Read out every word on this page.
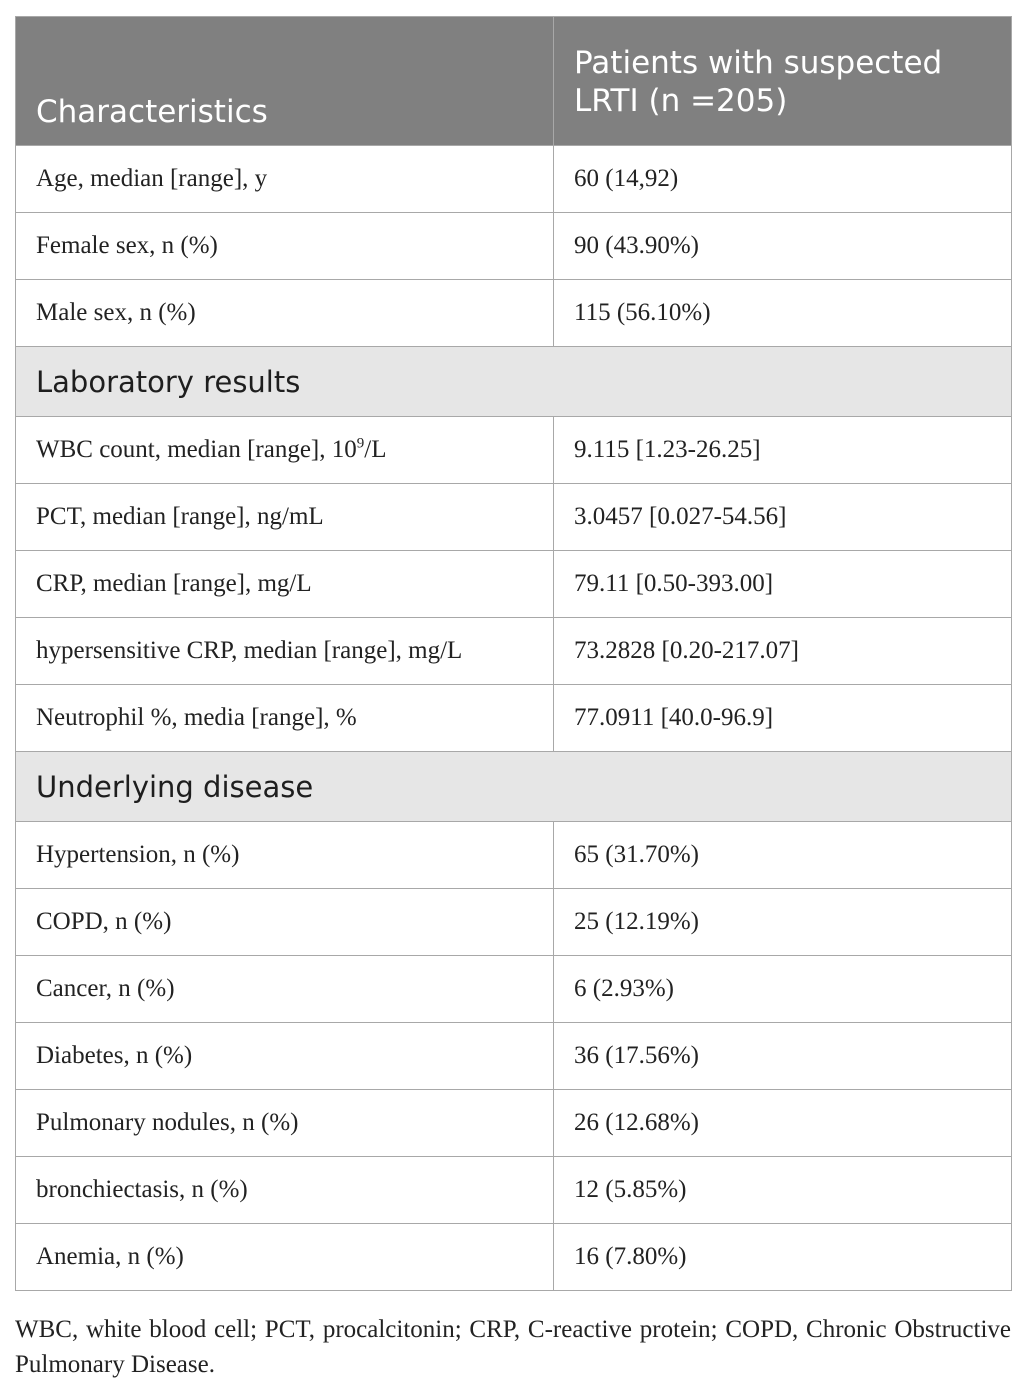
Characteristics	Patients with suspected
LRTI (n =205)
Age, median [range], y	60 (14,92)
Female sex, n (%)	90 (43.90%)
Male sex, n (%)	115 (56.10%)
Laboratory results	
WBC count, median [range], $10^9/L$	9.115 [1.23-26.25]
PCT, median [range], ng/mL	3.0457 [0.027-54.56]
CRP, median [range], mg/L	79.11 [0.50-393.00]
hypersensitive CRP, median [range], mg/L	73.2828 [0.20-217.07]
Neutrophil %, media [range], %	77.0911 [40.0-96.9]
Underlying disease	
Hypertension, n (%)	65 (31.70%)
COPD, n (%)	25 (12.19%)
Cancer, n (%)	6 (2.93%)
Diabetes, n (%)	36 (17.56%)
Pulmonary nodules, n (%)	26 (12.68%)
bronchiectasis, n (%)	12 (5.85%)
Anemia, n (%)	16 (7.80%)
WBC, white blood cell; PCT, procalcitonin; CRP, C-reactive protein; COPD, Chronic Obstructive Pulmonary Disease.
